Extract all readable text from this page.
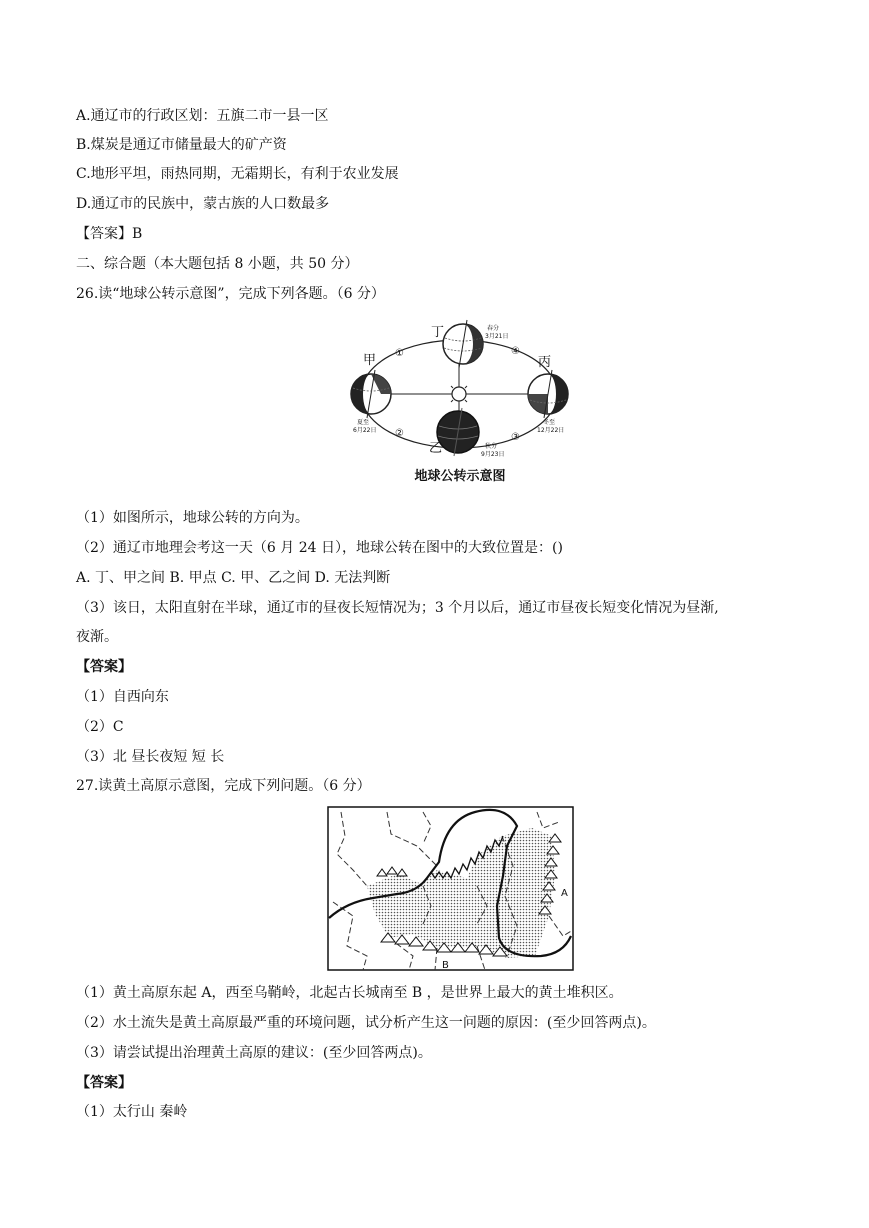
A.通辽市的行政区划：五旗二市一县一区
B.煤炭是通辽市储量最大的矿产资
C.地形平坦，雨热同期，无霜期长，有利于农业发展
D.通辽市的民族中，蒙古族的人口数最多
【答案】B
二、综合题（本大题包括 8 小题，共 50 分）
26.读“地球公转示意图”，完成下列各题。（6 分）
甲
乙
丙
丁
①
②	③
④
春分
3月21日
夏至
6月22日
秋分
9月23日
冬至
12月22日
地球公转示意图
（1）如图所示，地球公转的方向为。
（2）通辽市地理会考这一天（6 月 24 日），地球公转在图中的大致位置是：()
A. 丁、甲之间 B. 甲点 C. 甲、乙之间 D. 无法判断
（3）该日，太阳直射在半球，通辽市的昼夜长短情况为；3 个月以后，通辽市昼夜长短变化情况为昼渐,
夜渐。
【答案】
（1）自西向东
（2）C
（3）北 昼长夜短 短 长
27.读黄土高原示意图，完成下列问题。（6 分）
A
B
（1）黄土高原东起 A，西至乌鞘岭，北起古长城南至 B ，是世界上最大的黄土堆积区。
（2）水土流失是黄土高原最严重的环境问题，试分析产生这一问题的原因：(至少回答两点)。
（3）请尝试提出治理黄土高原的建议：(至少回答两点)。
【答案】
（1）太行山 秦岭
